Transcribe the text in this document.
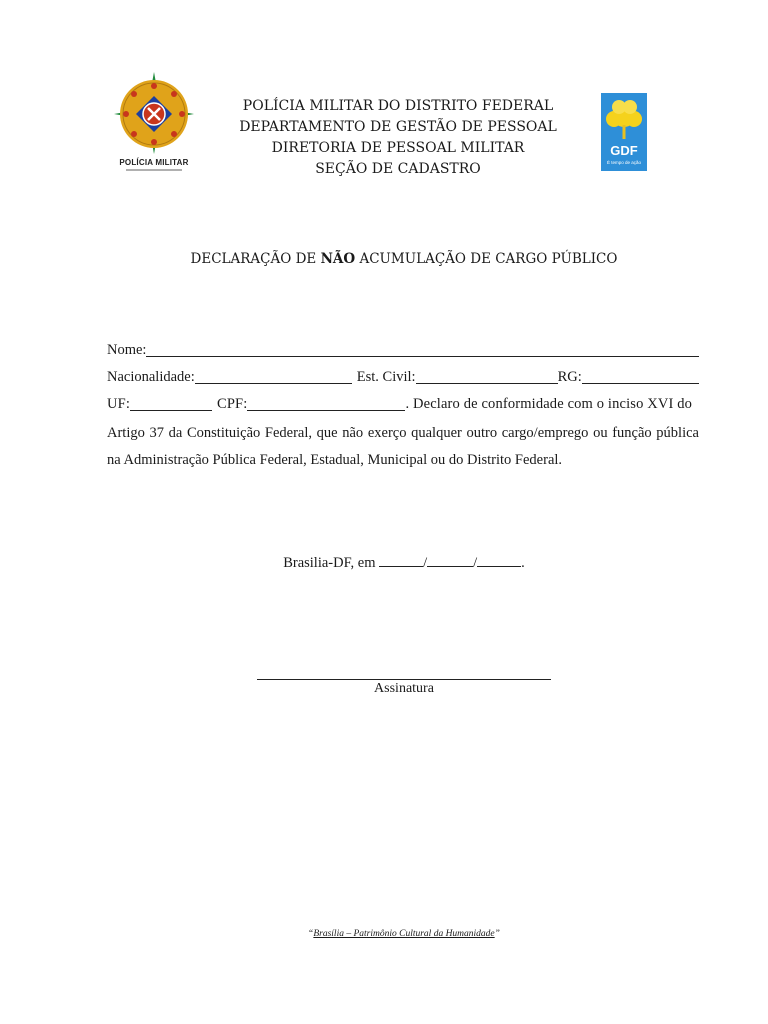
POLÍCIA MILITAR
POLÍCIA MILITAR DO DISTRITO FEDERAL
DEPARTAMENTO DE GESTÃO DE PESSOAL
DIRETORIA DE PESSOAL MILITAR
SEÇÃO DE CADASTRO
GDF
É tempo de ação
DECLARAÇÃO DE NÃO ACUMULAÇÃO DE CARGO PÚBLICO
Nome:
Nacionalidade:	Est. Civil:	RG:
UF:	CPF:	. Declaro de conformidade com o inciso XVI do
Artigo 37 da Constituição Federal, que não exerço qualquer outro cargo/emprego ou função pública na Administração Pública Federal, Estadual, Municipal ou do Distrito Federal.
Brasilia-DF, em	/	/	.
Assinatura
“Brasília – Patrimônio Cultural da Humanidade”
